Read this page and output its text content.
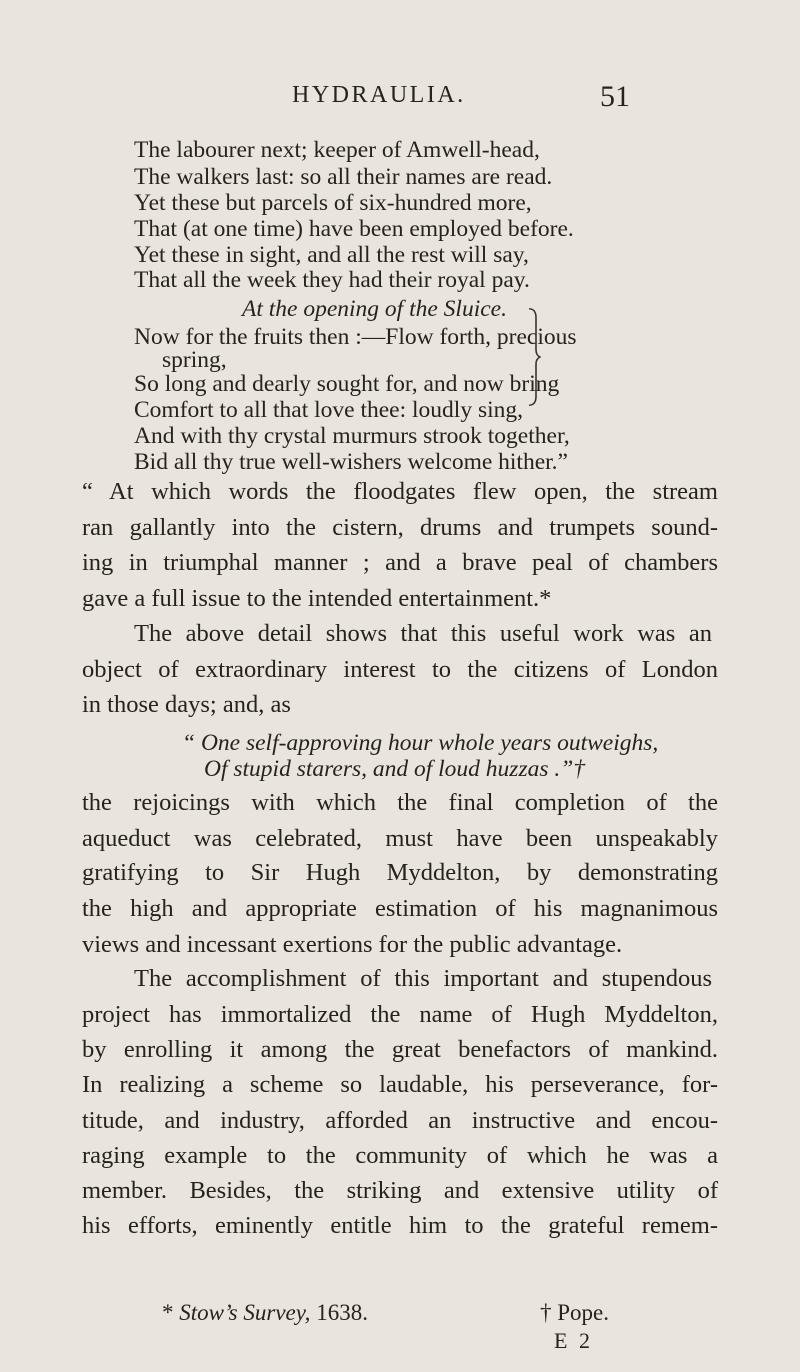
HYDRAULIA.	51
The labourer next; keeper of Amwell-head,
The walkers last: so all their names are read.
Yet these but parcels of six-hundred more,
That (at one time) have been employed before.
Yet these in sight, and all the rest will say,
That all the week they had their royal pay.
At the opening of the Sluice.
Now for the fruits then :—Flow forth, precious
spring,
So long and dearly sought for, and now bring
Comfort to all that love thee: loudly sing,
And with thy crystal murmurs strook together,
Bid all thy true well-wishers welcome hither.”
“ At which words the floodgates flew open, the stream
ran gallantly into the cistern, drums and trumpets sound-
ing in triumphal manner ; and a brave peal of chambers
gave a full issue to the intended entertainment.*
The above detail shows that this useful work was an
object of extraordinary interest to the citizens of London
in those days; and, as
“ One self-approving hour whole years outweighs,
Of stupid starers, and of loud huzzas .”†
the rejoicings with which the final completion of the
aqueduct was celebrated, must have been unspeakably
gratifying to Sir Hugh Myddelton, by demonstrating
the high and appropriate estimation of his magnanimous
views and incessant exertions for the public advantage.
The accomplishment of this important and stupendous
project has immortalized the name of Hugh Myddelton,
by enrolling it among the great benefactors of mankind.
In realizing a scheme so laudable, his perseverance, for-
titude, and industry, afforded an instructive and encou-
raging example to the community of which he was a
member. Besides, the striking and extensive utility of
his efforts, eminently entitle him to the grateful remem-
* Stow’s Survey, 1638.	† Pope.
E 2
